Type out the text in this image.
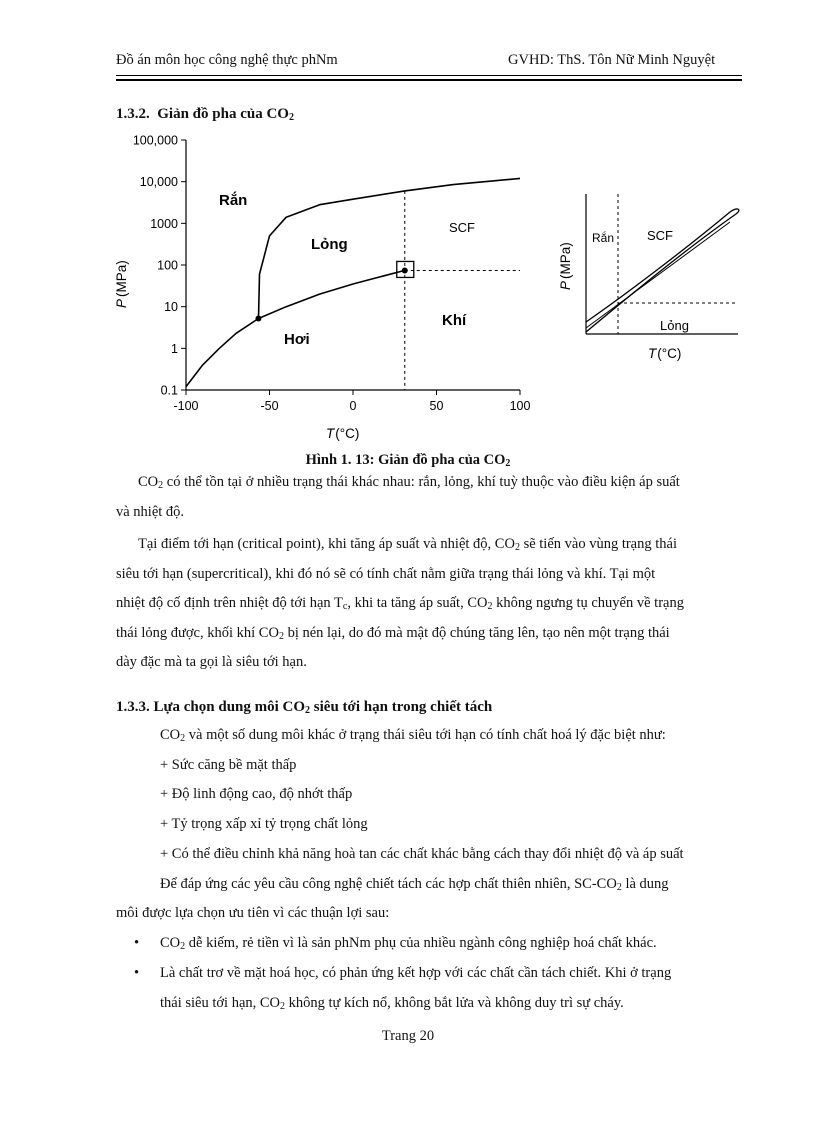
Đồ án môn học công nghệ thực phNm	GVHD: ThS. Tôn Nữ Minh Nguyệt
1.3.2. Giản đồ pha của $CO_2$
100,000
10,000
1000
100
10
1
0.1
-100	-50	0	50	100
P(MPa)
T(°C)
Rắn
Lỏng
SCF
Khí
Hơi
Rắn	SCF
Lỏng
P(MPa)
T(°C)
Hình 1. 13: Giản đồ pha của $CO_2$
$CO_2$ có thể tồn tại ở nhiều trạng thái khác nhau: rắn, lỏng, khí tuỳ thuộc vào điều kiện áp suất
và nhiệt độ.
Tại điểm tới hạn (critical point), khi tăng áp suất và nhiệt độ, $CO_2$ sẽ tiến vào vùng trạng thái
siêu tới hạn (supercritical), khi đó nó sẽ có tính chất nằm giữa trạng thái lỏng và khí. Tại một
nhiệt độ cố định trên nhiệt độ tới hạn $T_c$, khi ta tăng áp suất, $CO_2$ không ngưng tụ chuyển về trạng
thái lỏng được, khối khí $CO_2$ bị nén lại, do đó mà mật độ chúng tăng lên, tạo nên một trạng thái
dày đặc mà ta gọi là siêu tới hạn.
1.3.3. Lựa chọn dung môi $CO_2$ siêu tới hạn trong chiết tách
$CO_2$ và một số dung môi khác ở trạng thái siêu tới hạn có tính chất hoá lý đặc biệt như:
+ Sức căng bề mặt thấp
+ Độ linh động cao, độ nhớt thấp
+ Tỷ trọng xấp xỉ tỷ trọng chất lỏng
+ Có thể điều chỉnh khả năng hoà tan các chất khác bằng cách thay đổi nhiệt độ và áp suất
Để đáp ứng các yêu cầu công nghệ chiết tách các hợp chất thiên nhiên, $SC-CO_2$ là dung
môi được lựa chọn ưu tiên vì các thuận lợi sau:
• $CO_2$ dễ kiếm, rẻ tiền vì là sản phNm phụ của nhiều ngành công nghiệp hoá chất khác.
• Là chất trơ về mặt hoá học, có phản ứng kết hợp với các chất cần tách chiết. Khi ở trạng
thái siêu tới hạn, $CO_2$ không tự kích nổ, không bắt lửa và không duy trì sự cháy.
Trang 20
